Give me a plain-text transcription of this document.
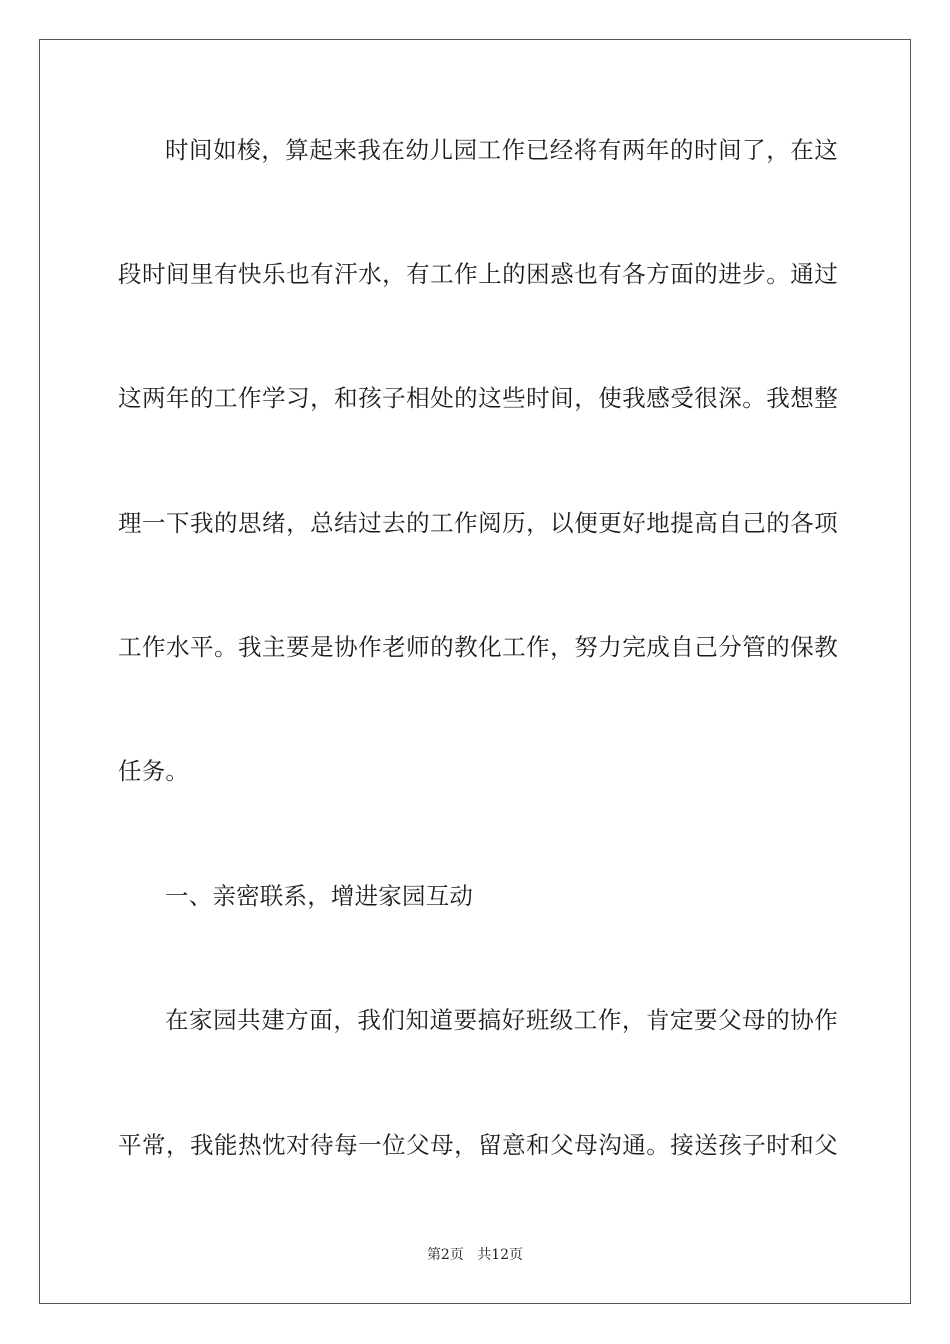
时间如梭，算起来我在幼儿园工作已经将有两年的时间了，在这
段时间里有快乐也有汗水，有工作上的困惑也有各方面的进步。通过
这两年的工作学习，和孩子相处的这些时间，使我感受很深。我想整
理一下我的思绪，总结过去的工作阅历，以便更好地提高自己的各项
工作水平。我主要是协作老师的教化工作，努力完成自己分管的保教
任务。
一、亲密联系，增进家园互动
在家园共建方面，我们知道要搞好班级工作，肯定要父母的协作
平常，我能热忱对待每一位父母，留意和父母沟通。接送孩子时和父
第2页 共12页
